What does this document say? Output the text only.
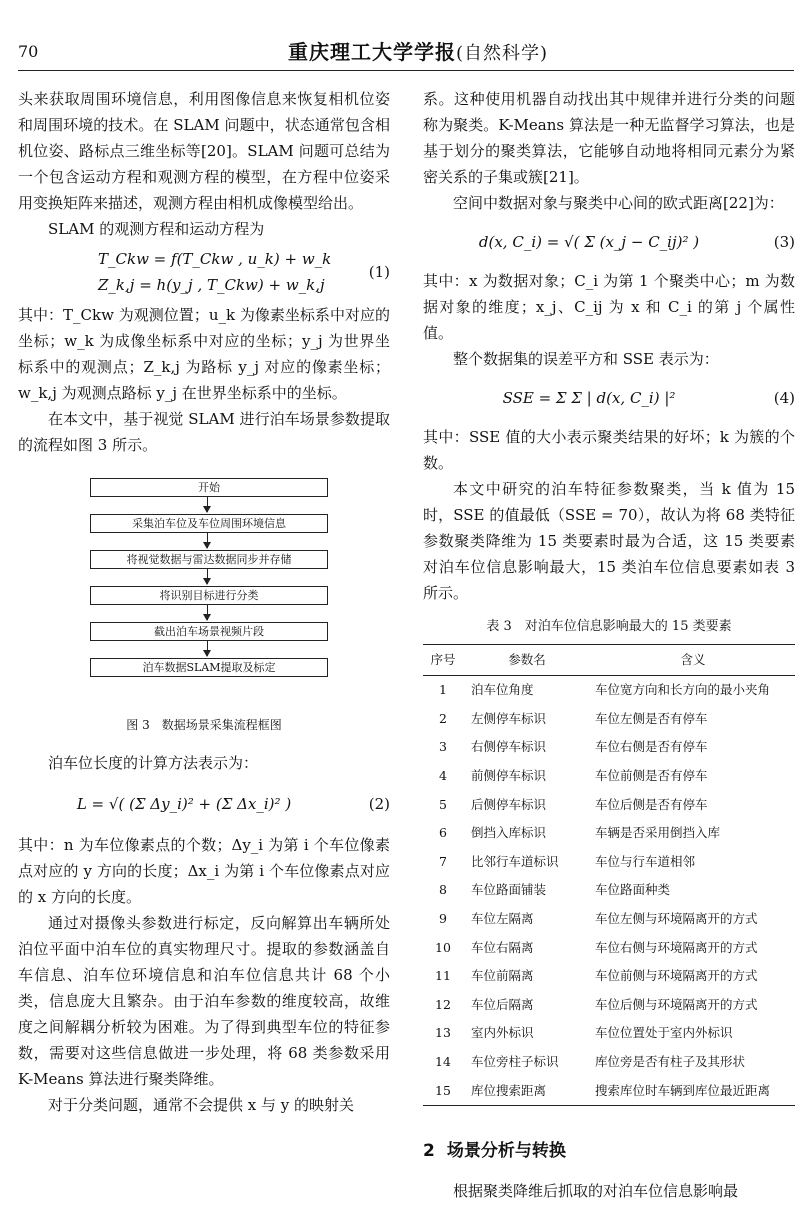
70	重庆理工大学学报(自然科学)

头来获取周围环境信息，利用图像信息来恢复相机位姿和周围环境的技术。在 SLAM 问题中，状态通常包含相机位姿、路标点三维坐标等[20]。SLAM 问题可总结为一个包含运动方程和观测方程的模型，在方程中位姿采用变换矩阵来描述，观测方程由相机成像模型给出。

SLAM 的观测方程和运动方程为

T_Ckw = f(T_Ckw , u_k) + w_k
Z_k,j = h(y_j , T_Ckw) + w_k,j
(1)

其中：T_Ckw 为观测位置；u_k 为像素坐标系中对应的坐标；w_k 为成像坐标系中对应的坐标；y_j 为世界坐标系中的观测点；Z_k,j 为路标 y_j 对应的像素坐标；w_k,j 为观测点路标 y_j 在世界坐标系中的坐标。

在本文中，基于视觉 SLAM 进行泊车场景参数提取的流程如图 3 所示。

开始
采集泊车位及车位周围环境信息
将视觉数据与雷达数据同步并存储
将识别目标进行分类
截出泊车场景视频片段
泊车数据SLAM提取及标定
图 3　数据场景采集流程框图

泊车位长度的计算方法表示为：

L = √( (Σ Δy_i)² + (Σ Δx_i)² )	(2)

其中：n 为车位像素点的个数；Δy_i 为第 i 个车位像素点对应的 y 方向的长度；Δx_i 为第 i 个车位像素点对应的 x 方向的长度。

通过对摄像头参数进行标定，反向解算出车辆所处泊位平面中泊车位的真实物理尺寸。提取的参数涵盖自车信息、泊车位环境信息和泊车位信息共计 68 个小类，信息庞大且繁杂。由于泊车参数的维度较高，故维度之间解耦分析较为困难。为了得到典型车位的特征参数，需要对这些信息做进一步处理，将 68 类参数采用 K-Means 算法进行聚类降维。

对于分类问题，通常不会提供 x 与 y 的映射关

系。这种使用机器自动找出其中规律并进行分类的问题称为聚类。K-Means 算法是一种无监督学习算法，也是基于划分的聚类算法，它能够自动地将相同元素分为紧密关系的子集或簇[21]。

空间中数据对象与聚类中心间的欧式距离[22]为：

d(x, C_i) = √( Σ (x_j − C_ij)² )	(3)

其中：x 为数据对象；C_i 为第 1 个聚类中心；m 为数据对象的维度；x_j、C_ij 为 x 和 C_i 的第 j 个属性值。

整个数据集的误差平方和 SSE 表示为：

SSE = Σ Σ | d(x, C_i) |²	(4)

其中：SSE 值的大小表示聚类结果的好坏；k 为簇的个数。

本文中研究的泊车特征参数聚类，当 k 值为 15 时，SSE 的值最低（SSE = 70），故认为将 68 类特征参数聚类降维为 15 类要素时最为合适，这 15 类要素对泊车位信息影响最大，15 类泊车位信息要素如表 3 所示。

表 3　对泊车位信息影响最大的 15 类要素
序号	参数名	含义
1	泊车位角度	车位宽方向和长方向的最小夹角
2	左侧停车标识	车位左侧是否有停车
3	右侧停车标识	车位右侧是否有停车
4	前侧停车标识	车位前侧是否有停车
5	后侧停车标识	车位后侧是否有停车
6	倒挡入库标识	车辆是否采用倒挡入库
7	比邻行车道标识	车位与行车道相邻
8	车位路面铺装	车位路面种类
9	车位左隔离	车位左侧与环境隔离开的方式
10	车位右隔离	车位右侧与环境隔离开的方式
11	车位前隔离	车位前侧与环境隔离开的方式
12	车位后隔离	车位后侧与环境隔离开的方式
13	室内外标识	车位位置处于室内外标识
14	车位旁柱子标识	库位旁是否有柱子及其形状
15	库位搜索距离	搜索库位时车辆到库位最近距离
2 场景分析与转换

根据聚类降维后抓取的对泊车位信息影响最
